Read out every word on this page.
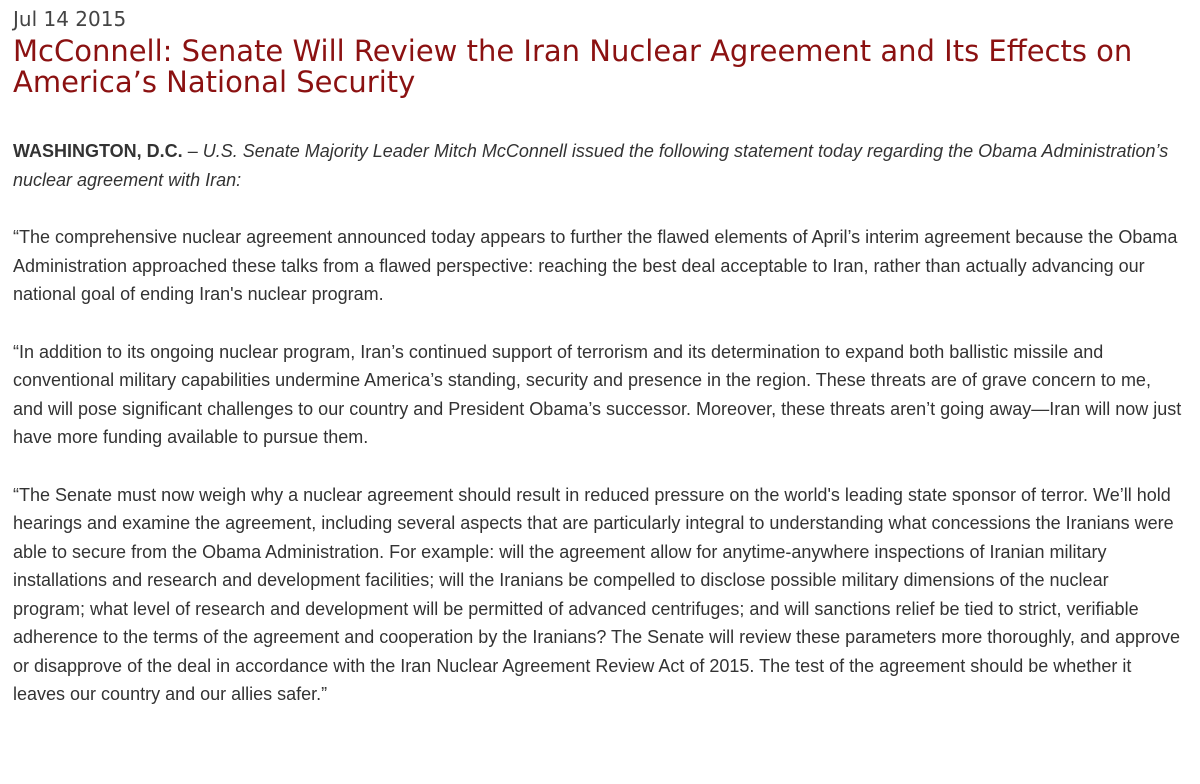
Jul 14 2015
McConnell: Senate Will Review the Iran Nuclear Agreement and Its Effects on America’s National Security

WASHINGTON, D.C. – U.S. Senate Majority Leader Mitch McConnell issued the following statement today regarding the Obama Administration’s nuclear agreement with Iran:

“The comprehensive nuclear agreement announced today appears to further the flawed elements of April’s interim agreement because the Obama Administration approached these talks from a flawed perspective: reaching the best deal acceptable to Iran, rather than actually advancing our national goal of ending Iran's nuclear program.

“In addition to its ongoing nuclear program, Iran’s continued support of terrorism and its determination to expand both ballistic missile and conventional military capabilities undermine America’s standing, security and presence in the region. These threats are of grave concern to me, and will pose significant challenges to our country and President Obama’s successor. Moreover, these threats aren’t going away—Iran will now just have more funding available to pursue them.

“The Senate must now weigh why a nuclear agreement should result in reduced pressure on the world's leading state sponsor of terror. We’ll hold hearings and examine the agreement, including several aspects that are particularly integral to understanding what concessions the Iranians were able to secure from the Obama Administration. For example: will the agreement allow for anytime-anywhere inspections of Iranian military installations and research and development facilities; will the Iranians be compelled to disclose possible military dimensions of the nuclear program; what level of research and development will be permitted of advanced centrifuges; and will sanctions relief be tied to strict, verifiable adherence to the terms of the agreement and cooperation by the Iranians? The Senate will review these parameters more thoroughly, and approve or disapprove of the deal in accordance with the Iran Nuclear Agreement Review Act of 2015. The test of the agreement should be whether it leaves our country and our allies safer.”
